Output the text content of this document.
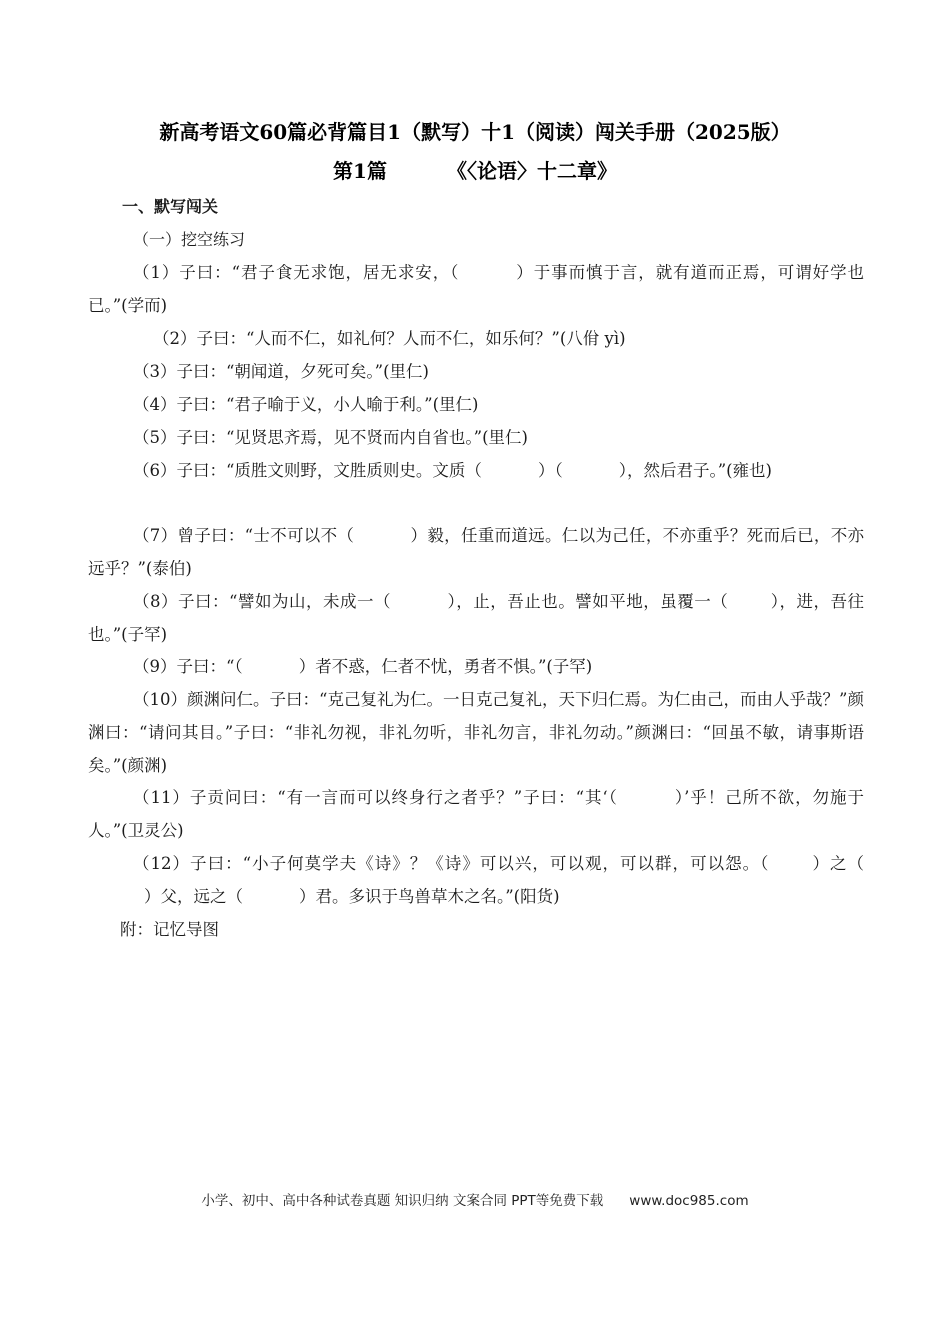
新高考语文60篇必背篇目1（默写）十1（阅读）闯关手册（2025版）
第1篇	《〈论语〉十二章》
一、默写闯关
（一）挖空练习
（1）子曰：“君子食无求饱，居无求安，（	）于事而慎于言，就有道而正焉，可谓好学也已。”(学而)
（2）子曰：“人而不仁，如礼何？人而不仁，如乐何？”(八佾 yì)
（3）子曰：“朝闻道，夕死可矣。”(里仁)
（4）子曰：“君子喻于义，小人喻于利。”(里仁)
（5）子曰：“见贤思齐焉，见不贤而内自省也。”(里仁)
（6）子曰：“质胜文则野，文胜质则史。文质（	）（	），然后君子。”(雍也)
（7）曾子曰：“士不可以不（	）毅，任重而道远。仁以为己任，不亦重乎？死而后已，不亦远乎？”(泰伯)
（8）子曰：“譬如为山，未成一（	），止，吾止也。譬如平地，虽覆一（	），进，吾往也。”(子罕)
（9）子曰：“（	）者不惑，仁者不忧，勇者不惧。”(子罕)
（10）颜渊问仁。子曰：“克己复礼为仁。一日克己复礼，天下归仁焉。为仁由己，而由人乎哉？”颜渊曰：“请问其目。”子曰：“非礼勿视，非礼勿听，非礼勿言，非礼勿动。”颜渊曰：“回虽不敏，请事斯语矣。”(颜渊)
（11）子贡问曰：“有一言而可以终身行之者乎？”子曰：“其‘（	）’乎！己所不欲，勿施于人。”(卫灵公)
（12）子曰：“小子何莫学夫《诗》？《诗》可以兴，可以观，可以群，可以怨。（	）之（）父，远之（	）君。多识于鸟兽草木之名。”(阳货)
附：记忆导图
小学、初中、高中各种试卷真题 知识归纳 文案合同 PPT等免费下载 www.doc985.com
